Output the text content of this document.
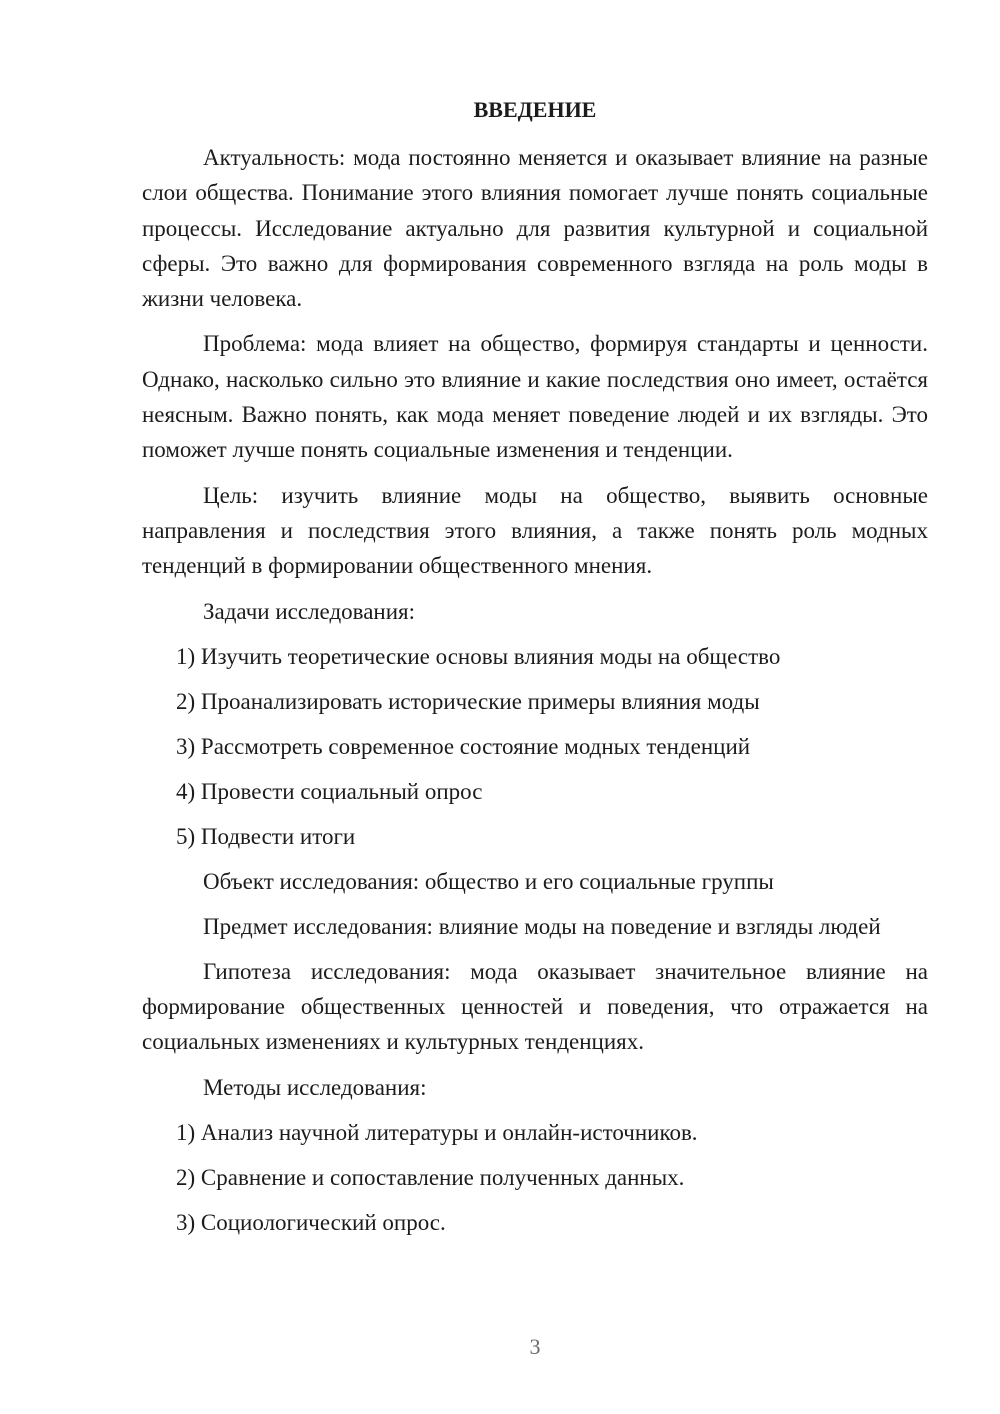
ВВЕДЕНИЕ

Актуальность: мода постоянно меняется и оказывает влияние на разные слои общества. Понимание этого влияния помогает лучше понять социальные процессы. Исследование актуально для развития культурной и социальной сферы. Это важно для формирования современного взгляда на роль моды в жизни человека.

Проблема: мода влияет на общество, формируя стандарты и ценности. Однако, насколько сильно это влияние и какие последствия оно имеет, остаётся неясным. Важно понять, как мода меняет поведение людей и их взгляды. Это поможет лучше понять социальные изменения и тенденции.

Цель: изучить влияние моды на общество, выявить основные направления и последствия этого влияния, а также понять роль модных тенденций в формировании общественного мнения.

Задачи исследования:

1) Изучить теоретические основы влияния моды на общество
2) Проанализировать исторические примеры влияния моды
3) Рассмотреть современное состояние модных тенденций
4) Провести социальный опрос
5) Подвести итоги

Объект исследования: общество и его социальные группы

Предмет исследования: влияние моды на поведение и взгляды людей

Гипотеза исследования: мода оказывает значительное влияние на формирование общественных ценностей и поведения, что отражается на социальных изменениях и культурных тенденциях.

Методы исследования:

1) Анализ научной литературы и онлайн-источников.
2) Сравнение и сопоставление полученных данных.
3) Социологический опрос.
3
